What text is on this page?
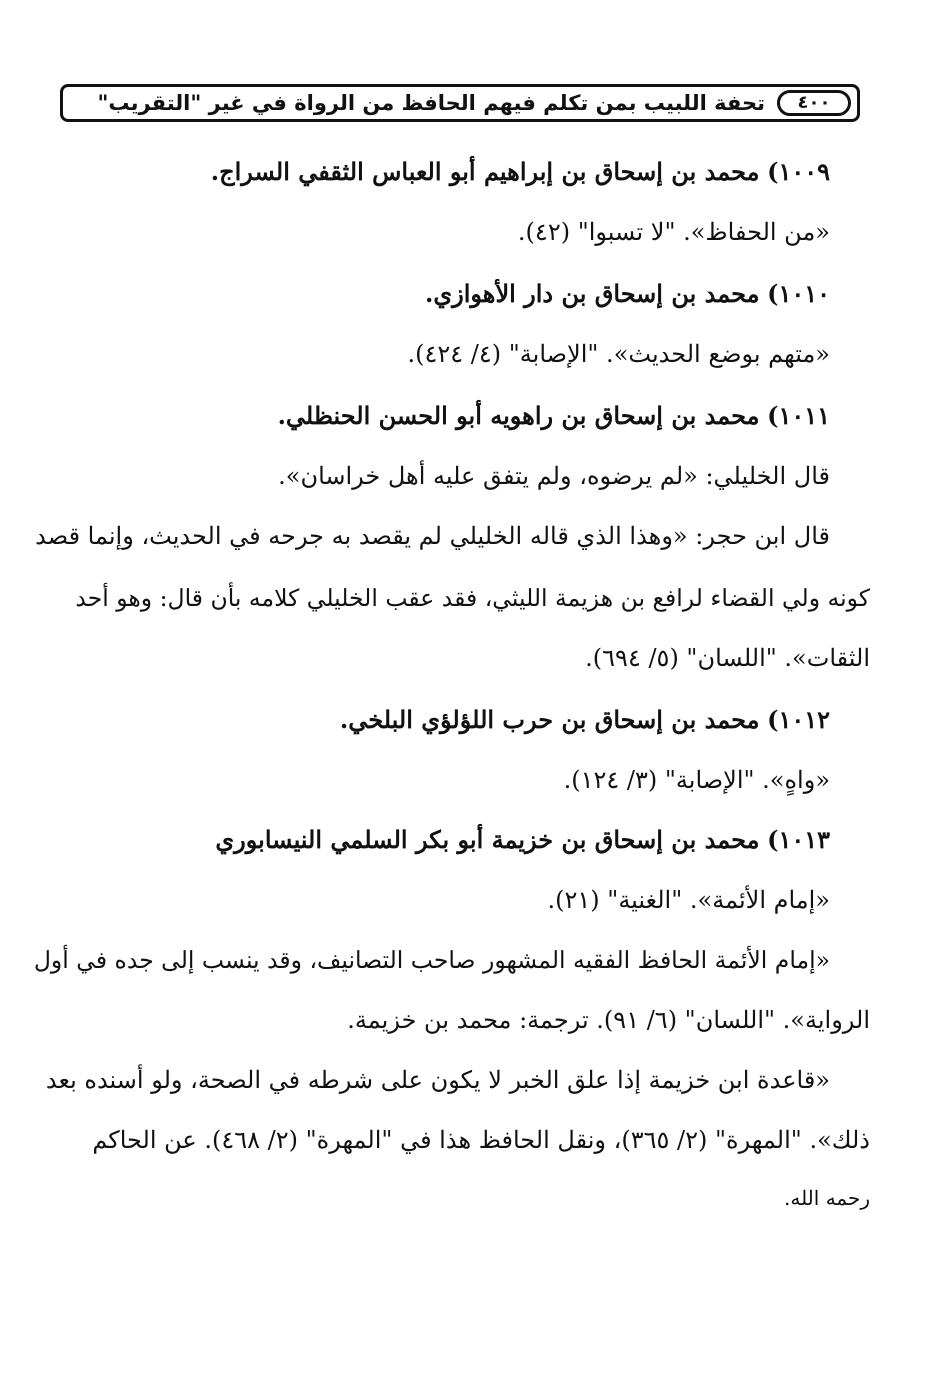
٤٠٠
تحفة اللبيب بمن تكلم فيهم الحافظ من الرواة في غير "التقريب"
١٠٠٩) محمد بن إسحاق بن إبراهيم أبو العباس الثقفي السراج.
«من الحفاظ». "لا تسبوا" (٤٢).
١٠١٠) محمد بن إسحاق بن دار الأهوازي.
«متهم بوضع الحديث». "الإصابة" (٤/ ٤٢٤).
١٠١١) محمد بن إسحاق بن راهويه أبو الحسن الحنظلي.
قال الخليلي: «لم يرضوه، ولم يتفق عليه أهل خراسان».
قال ابن حجر: «وهذا الذي قاله الخليلي لم يقصد به جرحه في الحديث، وإنما قصد
كونه ولي القضاء لرافع بن هزيمة الليثي، فقد عقب الخليلي كلامه بأن قال: وهو أحد
الثقات». "اللسان" (٥/ ٦٩٤).
١٠١٢) محمد بن إسحاق بن حرب اللؤلؤي البلخي.
«واهٍ». "الإصابة" (٣/ ١٢٤).
١٠١٣) محمد بن إسحاق بن خزيمة أبو بكر السلمي النيسابوري
«إمام الأئمة». "الغنية" (٢١).
«إمام الأئمة الحافظ الفقيه المشهور صاحب التصانيف، وقد ينسب إلى جده في أول
الرواية». "اللسان" (٦/ ٩١). ترجمة: محمد بن خزيمة.
«قاعدة ابن خزيمة إذا علق الخبر لا يكون على شرطه في الصحة، ولو أسنده بعد
ذلك». "المهرة" (٢/ ٣٦٥)، ونقل الحافظ هذا في "المهرة" (٢/ ٤٦٨). عن الحاكم
رحمه الله.
